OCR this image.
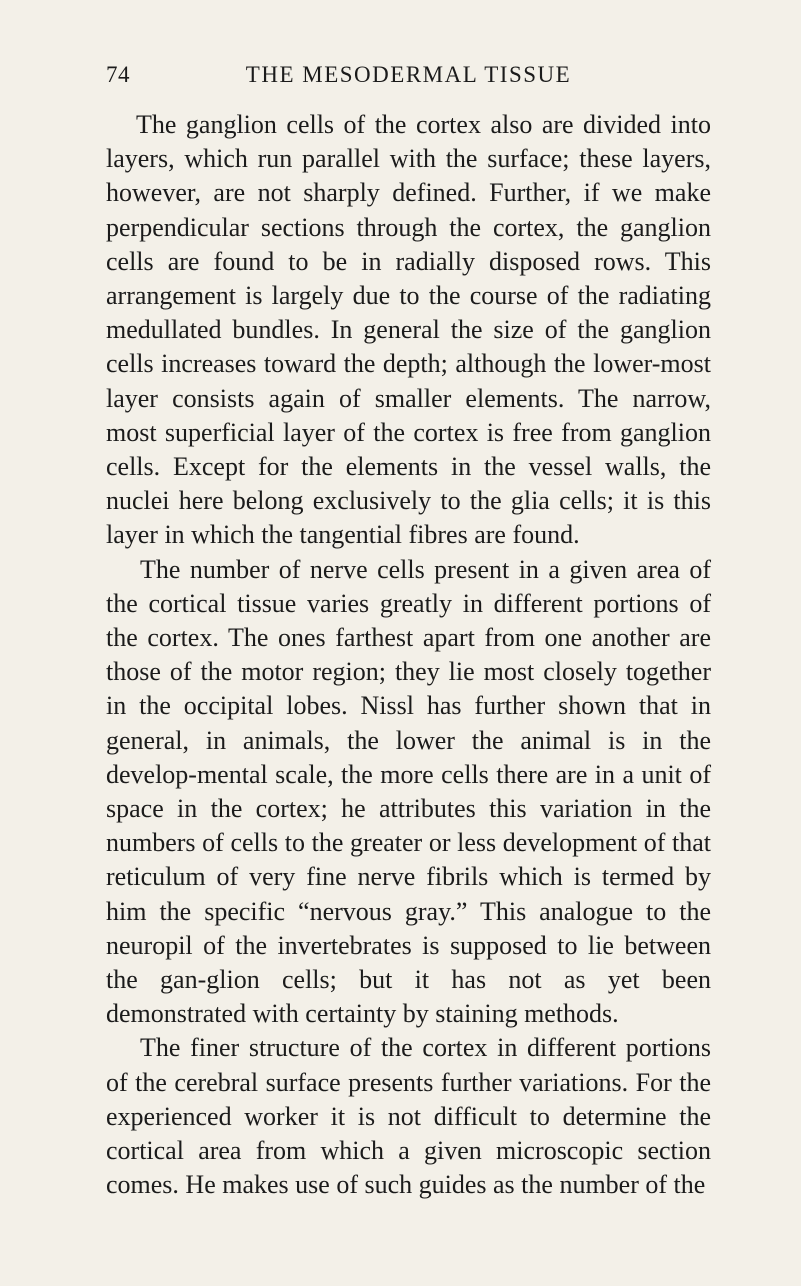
74	THE MESODERMAL TISSUE

The ganglion cells of the cortex also are divided into layers, which run parallel with the surface; these layers, however, are not sharply defined. Further, if we make perpendicular sections through the cortex, the ganglion cells are found to be in radially disposed rows. This arrangement is largely due to the course of the radiating medullated bundles. In general the size of the ganglion cells increases toward the depth; although the lower-most layer consists again of smaller elements. The narrow, most superficial layer of the cortex is free from ganglion cells. Except for the elements in the vessel walls, the nuclei here belong exclusively to the glia cells; it is this layer in which the tangential fibres are found.

The number of nerve cells present in a given area of the cortical tissue varies greatly in different portions of the cortex. The ones farthest apart from one another are those of the motor region; they lie most closely together in the occipital lobes. Nissl has further shown that in general, in animals, the lower the animal is in the develop-mental scale, the more cells there are in a unit of space in the cortex; he attributes this variation in the numbers of cells to the greater or less development of that reticulum of very fine nerve fibrils which is termed by him the specific “nervous gray.” This analogue to the neuropil of the invertebrates is supposed to lie between the gan-glion cells; but it has not as yet been demonstrated with certainty by staining methods.

The finer structure of the cortex in different portions of the cerebral surface presents further variations. For the experienced worker it is not difficult to determine the cortical area from which a given microscopic section comes. He makes use of such guides as the number of the
